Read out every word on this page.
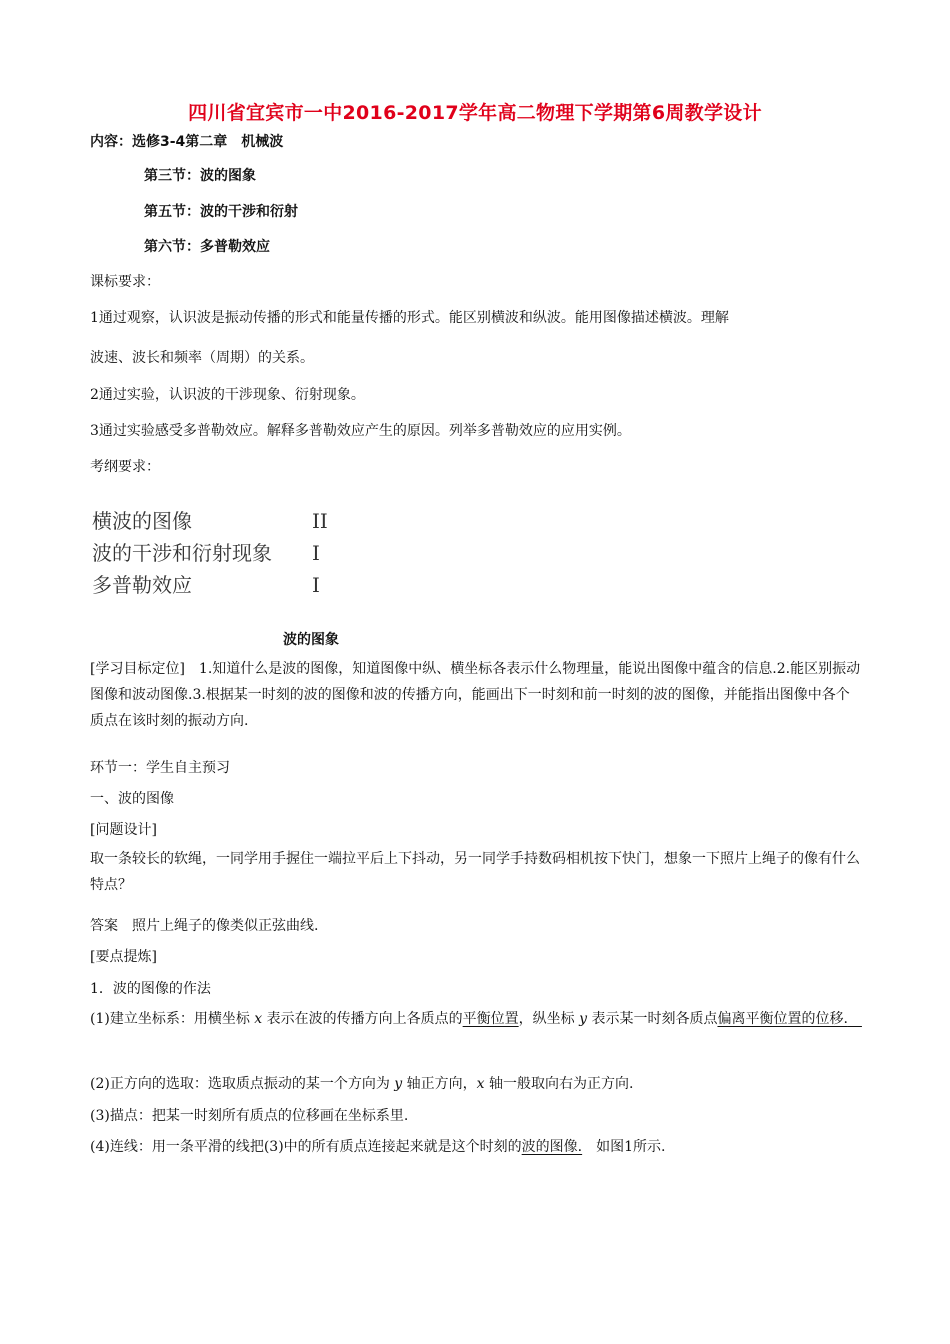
四川省宜宾市一中2016-2017学年高二物理下学期第6周教学设计
内容：选修3-4第二章　机械波
第三节：波的图象
第五节：波的干涉和衍射
第六节：多普勒效应
课标要求：
1通过观察，认识波是振动传播的形式和能量传播的形式。能区别横波和纵波。能用图像描述横波。理解
波速、波长和频率（周期）的关系。
2通过实验，认识波的干涉现象、衍射现象。
3通过实验感受多普勒效应。解释多普勒效应产生的原因。列举多普勒效应的应用实例。
考纲要求：
横波的图像	II
波的干涉和衍射现象 I
多普勒效应	I
波的图象
[学习目标定位]　1.知道什么是波的图像，知道图像中纵、横坐标各表示什么物理量，能说出图像中蕴含的信息.2.能区别振动图像和波动图像.3.根据某一时刻的波的图像和波的传播方向，能画出下一时刻和前一时刻的波的图像，并能指出图像中各个质点在该时刻的振动方向.
环节一：学生自主预习
一、波的图像
[问题设计]
取一条较长的软绳，一同学用手握住一端拉平后上下抖动，另一同学手持数码相机按下快门，想象一下照片上绳子的像有什么特点？
答案　照片上绳子的像类似正弦曲线.
[要点提炼]
1．波的图像的作法
(1)建立坐标系：用横坐标 x 表示在波的传播方向上各质点的平衡位置，纵坐标 y 表示某一时刻各质点偏离平衡位置的位移.　
(2)正方向的选取：选取质点振动的某一个方向为 y 轴正方向，x 轴一般取向右为正方向.
(3)描点：把某一时刻所有质点的位移画在坐标系里.
(4)连线：用一条平滑的线把(3)中的所有质点连接起来就是这个时刻的波的图像.　如图1所示.
